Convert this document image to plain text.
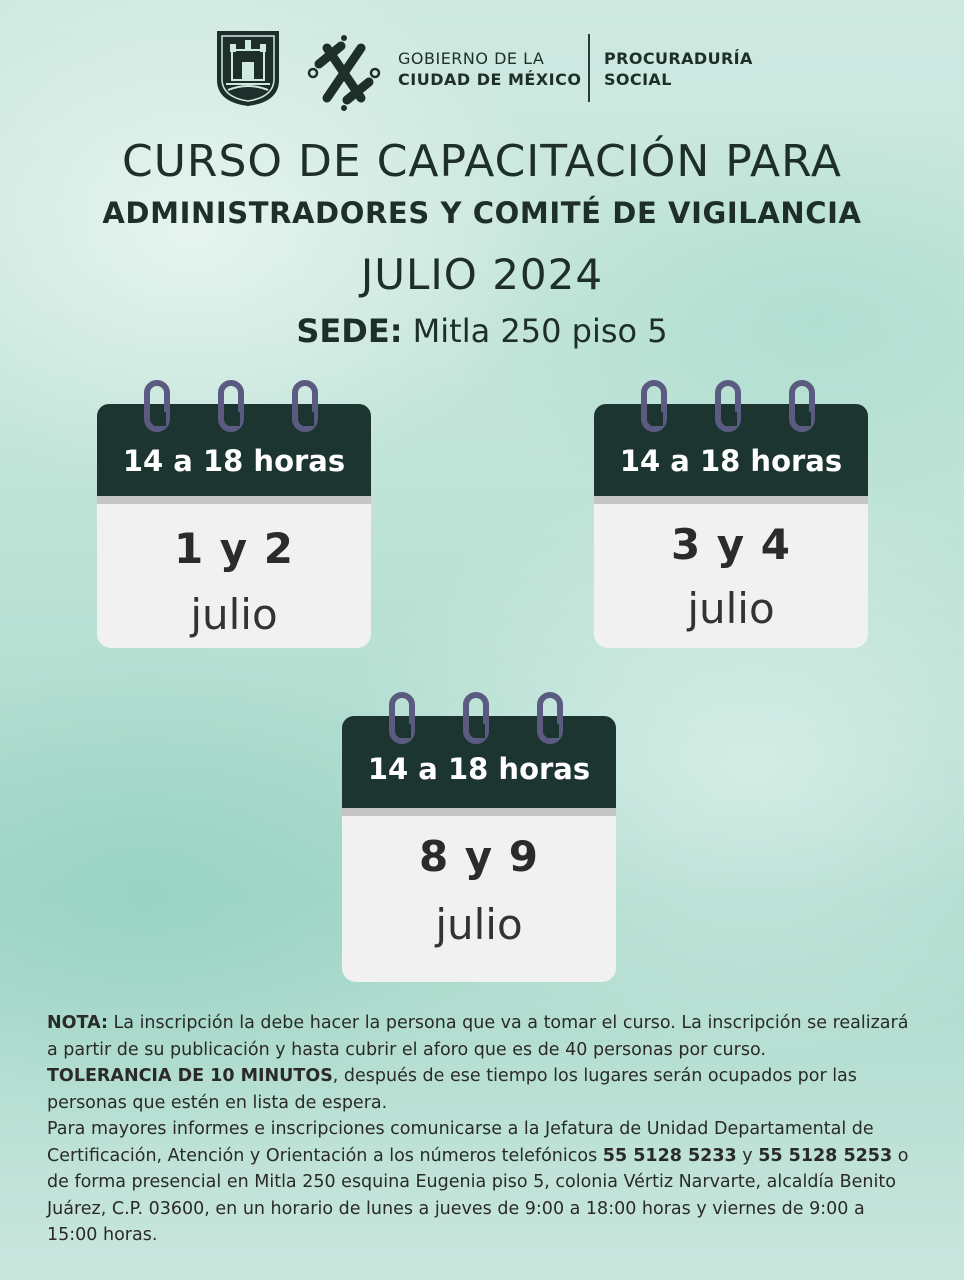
GOBIERNO DE LA
CIUDAD DE MÉXICO
PROCURADURÍA
SOCIAL
CURSO DE CAPACITACIÓN PARA
ADMINISTRADORES Y COMITÉ DE VIGILANCIA
JULIO 2024
SEDE: Mitla 250 piso 5
14 a 18 horas
1 y 2
julio
14 a 18 horas
3 y 4
julio
14 a 18 horas
8 y 9
julio

NOTA: La inscripción la debe hacer la persona que va a tomar el curso. La inscripción se realizará a partir de su publicación y hasta cubrir el aforo que es de 40 personas por curso.

TOLERANCIA DE 10 MINUTOS, después de ese tiempo los lugares serán ocupados por las personas que estén en lista de espera.

Para mayores informes e inscripciones comunicarse a la Jefatura de Unidad Departamental de Certificación, Atención y Orientación a los números telefónicos 55 5128 5233 y 55 5128 5253 o de forma presencial en Mitla 250 esquina Eugenia piso 5, colonia Vértiz Narvarte, alcaldía Benito Juárez, C.P. 03600, en un horario de lunes a jueves de 9:00 a 18:00 horas y viernes de 9:00 a 15:00 horas.
